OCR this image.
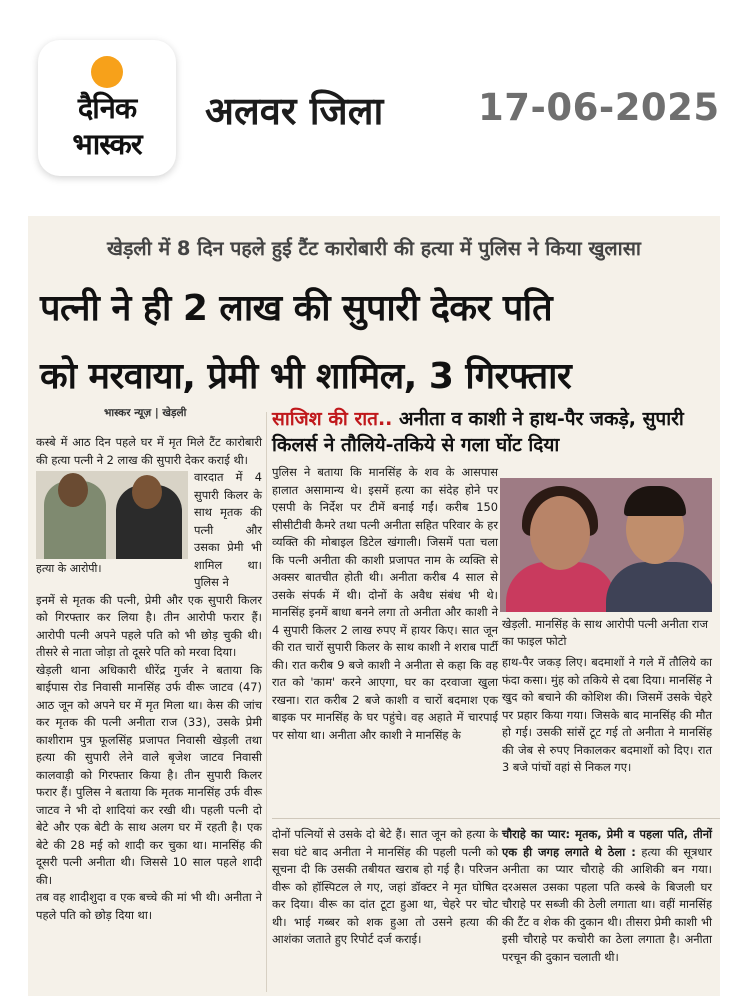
दैनिक
भास्कर
अलवर जिला	17-06-2025
खेड़ली में 8 दिन पहले हुई टैंट कारोबारी की हत्या में पुलिस ने किया खुलासा
पत्नी ने ही 2 लाख की सुपारी देकर पति
को मरवाया, प्रेमी भी शामिल, 3 गिरफ्तार
भास्कर न्यूज़ | खेड़ली

कस्बे में आठ दिन पहले घर में मृत मिले टैंट कारोबारी की हत्या पत्नी ने 2 लाख की सुपारी देकर कराई थी।

हत्या के आरोपी।

वारदात में 4 सुपारी किलर के साथ मृतक की पत्नी और उसका प्रेमी भी शामिल था। पुलिस ने

इनमें से मृतक की पत्नी, प्रेमी और एक सुपारी किलर को गिरफ्तार कर लिया है। तीन आरोपी फरार हैं। आरोपी पत्नी अपने पहले पति को भी छोड़ चुकी थी। तीसरे से नाता जोड़ा तो दूसरे पति को मरवा दिया।

खेड़ली थाना अधिकारी धीरेंद्र गुर्जर ने बताया कि बाईपास रोड निवासी मानसिंह उर्फ वीरू जाटव (47) आठ जून को अपने घर में मृत मिला था। केस की जांच कर मृतक की पत्नी अनीता राज (33), उसके प्रेमी काशीराम पुत्र फूलसिंह प्रजापत निवासी खेड़ली तथा हत्या की सुपारी लेने वाले बृजेश जाटव निवासी कालवाड़ी को गिरफ्तार किया है। तीन सुपारी किलर फरार हैं। पुलिस ने बताया कि मृतक मानसिंह उर्फ वीरू जाटव ने भी दो शादियां कर रखी थी। पहली पत्नी दो बेटे और एक बेटी के साथ अलग घर में रहती है। एक बेटे की 28 मई को शादी कर चुका था। मानसिंह की दूसरी पत्नी अनीता थी। जिससे 10 साल पहले शादी की।

तब वह शादीशुदा व एक बच्चे की मां भी थी। अनीता ने पहले पति को छोड़ दिया था।

साजिश की रात.. अनीता व काशी ने हाथ-पैर जकड़े, सुपारी किलर्स ने तौलिये-तकिये से गला घोंट दिया

पुलिस ने बताया कि मानसिंह के शव के आसपास हालात असामान्य थे। इसमें हत्या का संदेह होने पर एसपी के निर्देश पर टीमें बनाई गईं। करीब 150 सीसीटीवी कैमरे तथा पत्नी अनीता सहित परिवार के हर व्यक्ति की मोबाइल डिटेल खंगाली। जिसमें पता चला कि पत्नी अनीता की काशी प्रजापत नाम के व्यक्ति से अक्सर बातचीत होती थी। अनीता करीब 4 साल से उसके संपर्क में थी। दोनों के अवैध संबंध भी थे। मानसिंह इनमें बाधा बनने लगा तो अनीता और काशी ने 4 सुपारी किलर 2 लाख रुपए में हायर किए। सात जून की रात चारों सुपारी किलर के साथ काशी ने शराब पार्टी की। रात करीब 9 बजे काशी ने अनीता से कहा कि वह रात को 'काम' करने आएगा, घर का दरवाजा खुला रखना। रात करीब 2 बजे काशी व चारों बदमाश एक बाइक पर मानसिंह के घर पहुंचे। वह अहाते में चारपाई पर सोया था। अनीता और काशी ने मानसिंह के

खेड़ली. मानसिंह के साथ आरोपी पत्नी अनीता राज का फाइल फोटो

हाथ-पैर जकड़ लिए। बदमाशों ने गले में तौलिये का फंदा कसा। मुंह को तकिये से दबा दिया। मानसिंह ने खुद को बचाने की कोशिश की। जिसमें उसके चेहरे पर प्रहार किया गया। जिसके बाद मानसिंह की मौत हो गई। उसकी सांसें टूट गई तो अनीता ने मानसिंह की जेब से रुपए निकालकर बदमाशों को दिए। रात 3 बजे पांचों वहां से निकल गए।

दोनों पत्नियों से उसके दो बेटे हैं। सात जून को हत्या के सवा घंटे बाद अनीता ने मानसिंह की पहली पत्नी को सूचना दी कि उसकी तबीयत खराब हो गई है। परिजन वीरू को हॉस्पिटल ले गए, जहां डॉक्टर ने मृत घोषित कर दिया। वीरू का दांत टूटा हुआ था, चेहरे पर चोट थी। भाई गब्बर को शक हुआ तो उसने हत्या की आशंका जताते हुए रिपोर्ट दर्ज कराई।

चौराहे का प्यार: मृतक, प्रेमी व पहला पति, तीनों एक ही जगह लगाते थे ठेला : हत्या की सूत्रधार अनीता का प्यार चौराहे की आशिकी बन गया। दरअसल उसका पहला पति कस्बे के बिजली घर चौराहे पर सब्जी की ठेली लगाता था। वहीं मानसिंह की टैंट व शेक की दुकान थी। तीसरा प्रेमी काशी भी इसी चौराहे पर कचोरी का ठेला लगाता है। अनीता परचून की दुकान चलाती थी।
